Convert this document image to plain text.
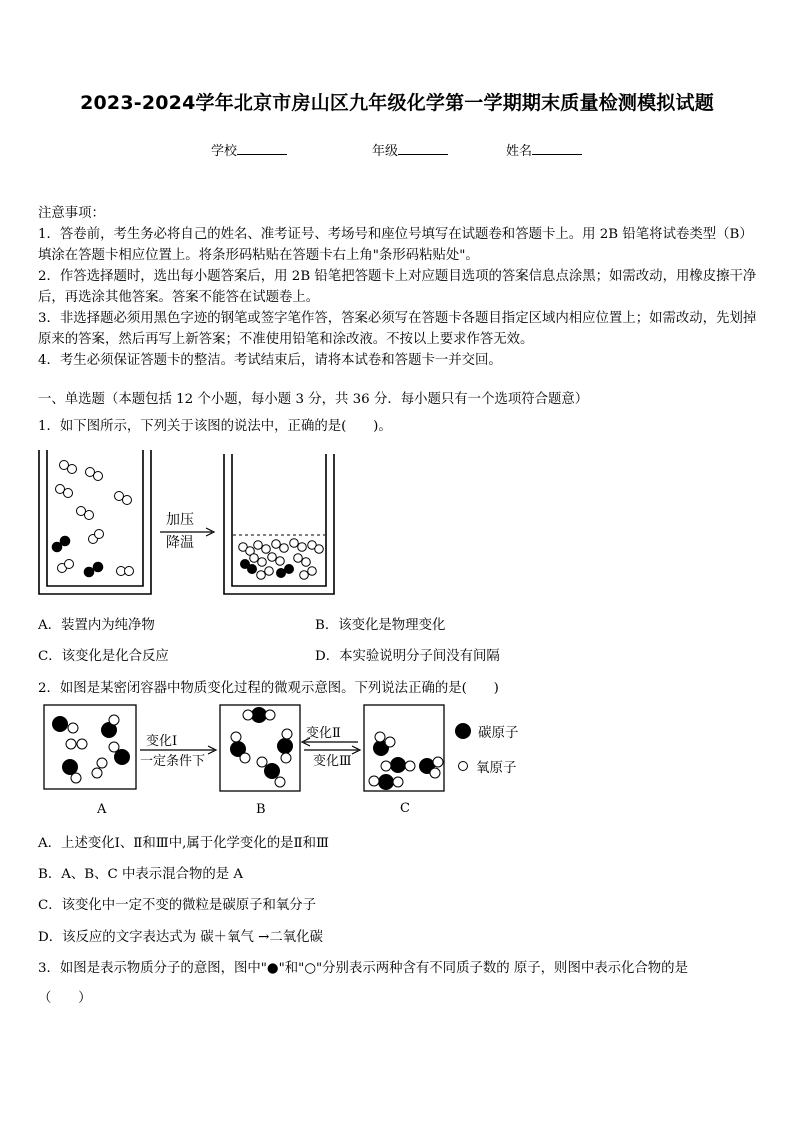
2023-2024学年北京市房山区九年级化学第一学期期末质量检测模拟试题
学校	年级	姓名

注意事项：

1．答卷前，考生务必将自己的姓名、准考证号、考场号和座位号填写在试题卷和答题卡上。用 2B 铅笔将试卷类型（B）填涂在答题卡相应位置上。将条形码粘贴在答题卡右上角"条形码粘贴处"。

2．作答选择题时，选出每小题答案后，用 2B 铅笔把答题卡上对应题目选项的答案信息点涂黑；如需改动，用橡皮擦干净后，再选涂其他答案。答案不能答在试题卷上。

3．非选择题必须用黑色字迹的钢笔或签字笔作答，答案必须写在答题卡各题目指定区域内相应位置上；如需改动，先划掉原来的答案，然后再写上新答案；不准使用铅笔和涂改液。不按以上要求作答无效。

4．考生必须保证答题卡的整洁。考试结束后，请将本试卷和答题卡一并交回。

一、单选题（本题包括 12 个小题，每小题 3 分，共 36 分．每小题只有一个选项符合题意）
1．如下图所示，下列关于该图的说法中，正确的是(　　)。
加压
降温
A．装置内为纯净物	B．该变化是物理变化
C．该变化是化合反应	D．本实验说明分子间没有间隔
2．如图是某密闭容器中物质变化过程的微观示意图。下列说法正确的是(　　)
A
变化Ⅰ
一定条件下
B
变化Ⅱ
变化Ⅲ
C
碳原子
氧原子
A．上述变化Ⅰ、Ⅱ和Ⅲ中,属于化学变化的是Ⅱ和Ⅲ
B．A、B、C 中表示混合物的是 A
C．该变化中一定不变的微粒是碳原子和氧分子
D．该反应的文字表达式为 碳＋氧气 →二氧化碳
3．如图是表示物质分子的意图，图中"●"和"○"分别表示两种含有不同质子数的 原子，则图中表示化合物的是
（　　）
